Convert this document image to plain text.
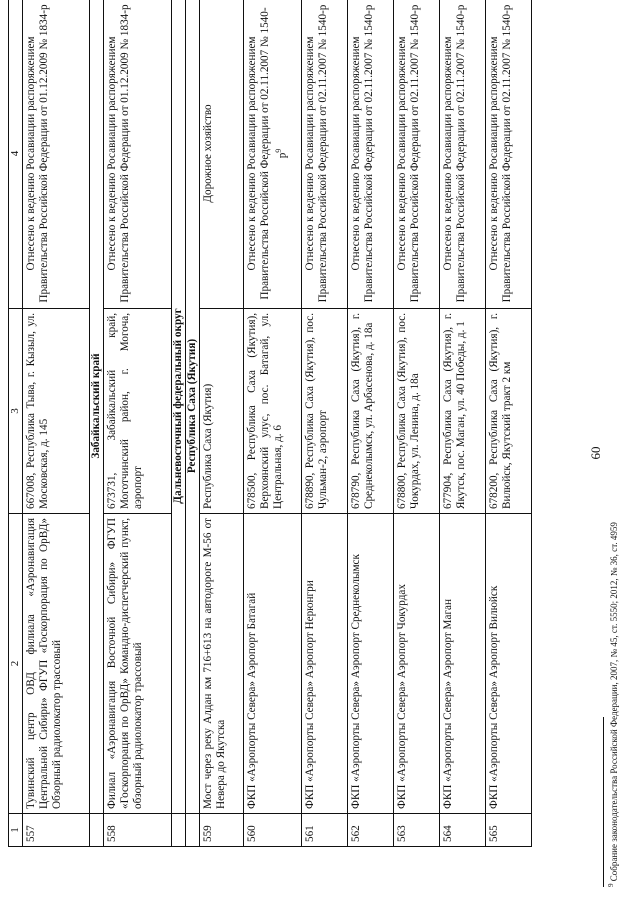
1	2	3	4
557	Тувинский центр ОВД филиала «Аэронавигация Центральной Сибири» ФГУП «Госкорпорация по ОрВД» Обзорный радиолокатор трассовый	667008, Республика Тыва, г. Кызыл, ул. Московская, д. 145	Отнесено к ведению Росавиации распоряжением Правительства Российской Федерации от 01.12.2009 № 1834-р
	Забайкальский край		
558	Филиал «Аэронавигация Восточной Сибири» ФГУП «Госкорпорация по ОрВД» Командно-диспетчерский пункт, обзорный радиолокатор трассовый	673731, Забайкальский край, Моготчинский район, г. Могоча, аэропорт	Отнесено к ведению Росавиации распоряжением Правительства Российской Федерации от 01.12.2009 № 1834-р
	Дальневосточный федеральный округ		
	Республика Саха (Якутия)		
559	Мост через реку Алдан км 716+613 на автодороге М-56 от Невера до Якутска	Республика Саха (Якутия)	Дорожное хозяйство
560	ФКП «Аэропорты Севера» Аэропорт Батагай	678500, Республика Саха (Якутия), Верхоянский улус, пос. Батагай, ул. Центральная, д. 6	Отнесено к ведению Росавиации распоряжением Правительства Российской Федерации от 02.11.2007 № $1540-р^9$
561	ФКП «Аэропорты Севера» Аэропорт Нерюнгри	678890, Республика Саха (Якутия), пос. Чульман-2, аэропорт	Отнесено к ведению Росавиации распоряжением Правительства Российской Федерации от 02.11.2007 № 1540-р
562	ФКП «Аэропорты Севера» Аэропорт Среднеколымск	678790, Республика Саха (Якутия), г. Среднеколымск, ул. Арбасенова, д. 18а	Отнесено к ведению Росавиации распоряжением Правительства Российской Федерации от 02.11.2007 № 1540-р
563	ФКП «Аэропорты Севера» Аэропорт Чокурдах	678800, Республика Саха (Якутия), пос. Чокурдах, ул. Ленина, д. 18а	Отнесено к ведению Росавиации распоряжением Правительства Российской Федерации от 02.11.2007 № 1540-р
564	ФКП «Аэропорты Севера» Аэропорт Маган	677904, Республика Саха (Якутия), г. Якутск, пос. Маган, ул. 40 Победы, д. 1	Отнесено к ведению Росавиации распоряжением Правительства Российской Федерации от 02.11.2007 № 1540-р
565	ФКП «Аэропорты Севера» Аэропорт Вилюйск	678200, Республика Саха (Якутия), г. Вилюйск, Якутский тракт 2 км	Отнесено к ведению Росавиации распоряжением Правительства Российской Федерации от 02.11.2007 № 1540-р
60
$^9$ Собрание законодательства Российской Федерации, 2007, № 45, ст. 5550; 2012, № 36, ст. 4959
